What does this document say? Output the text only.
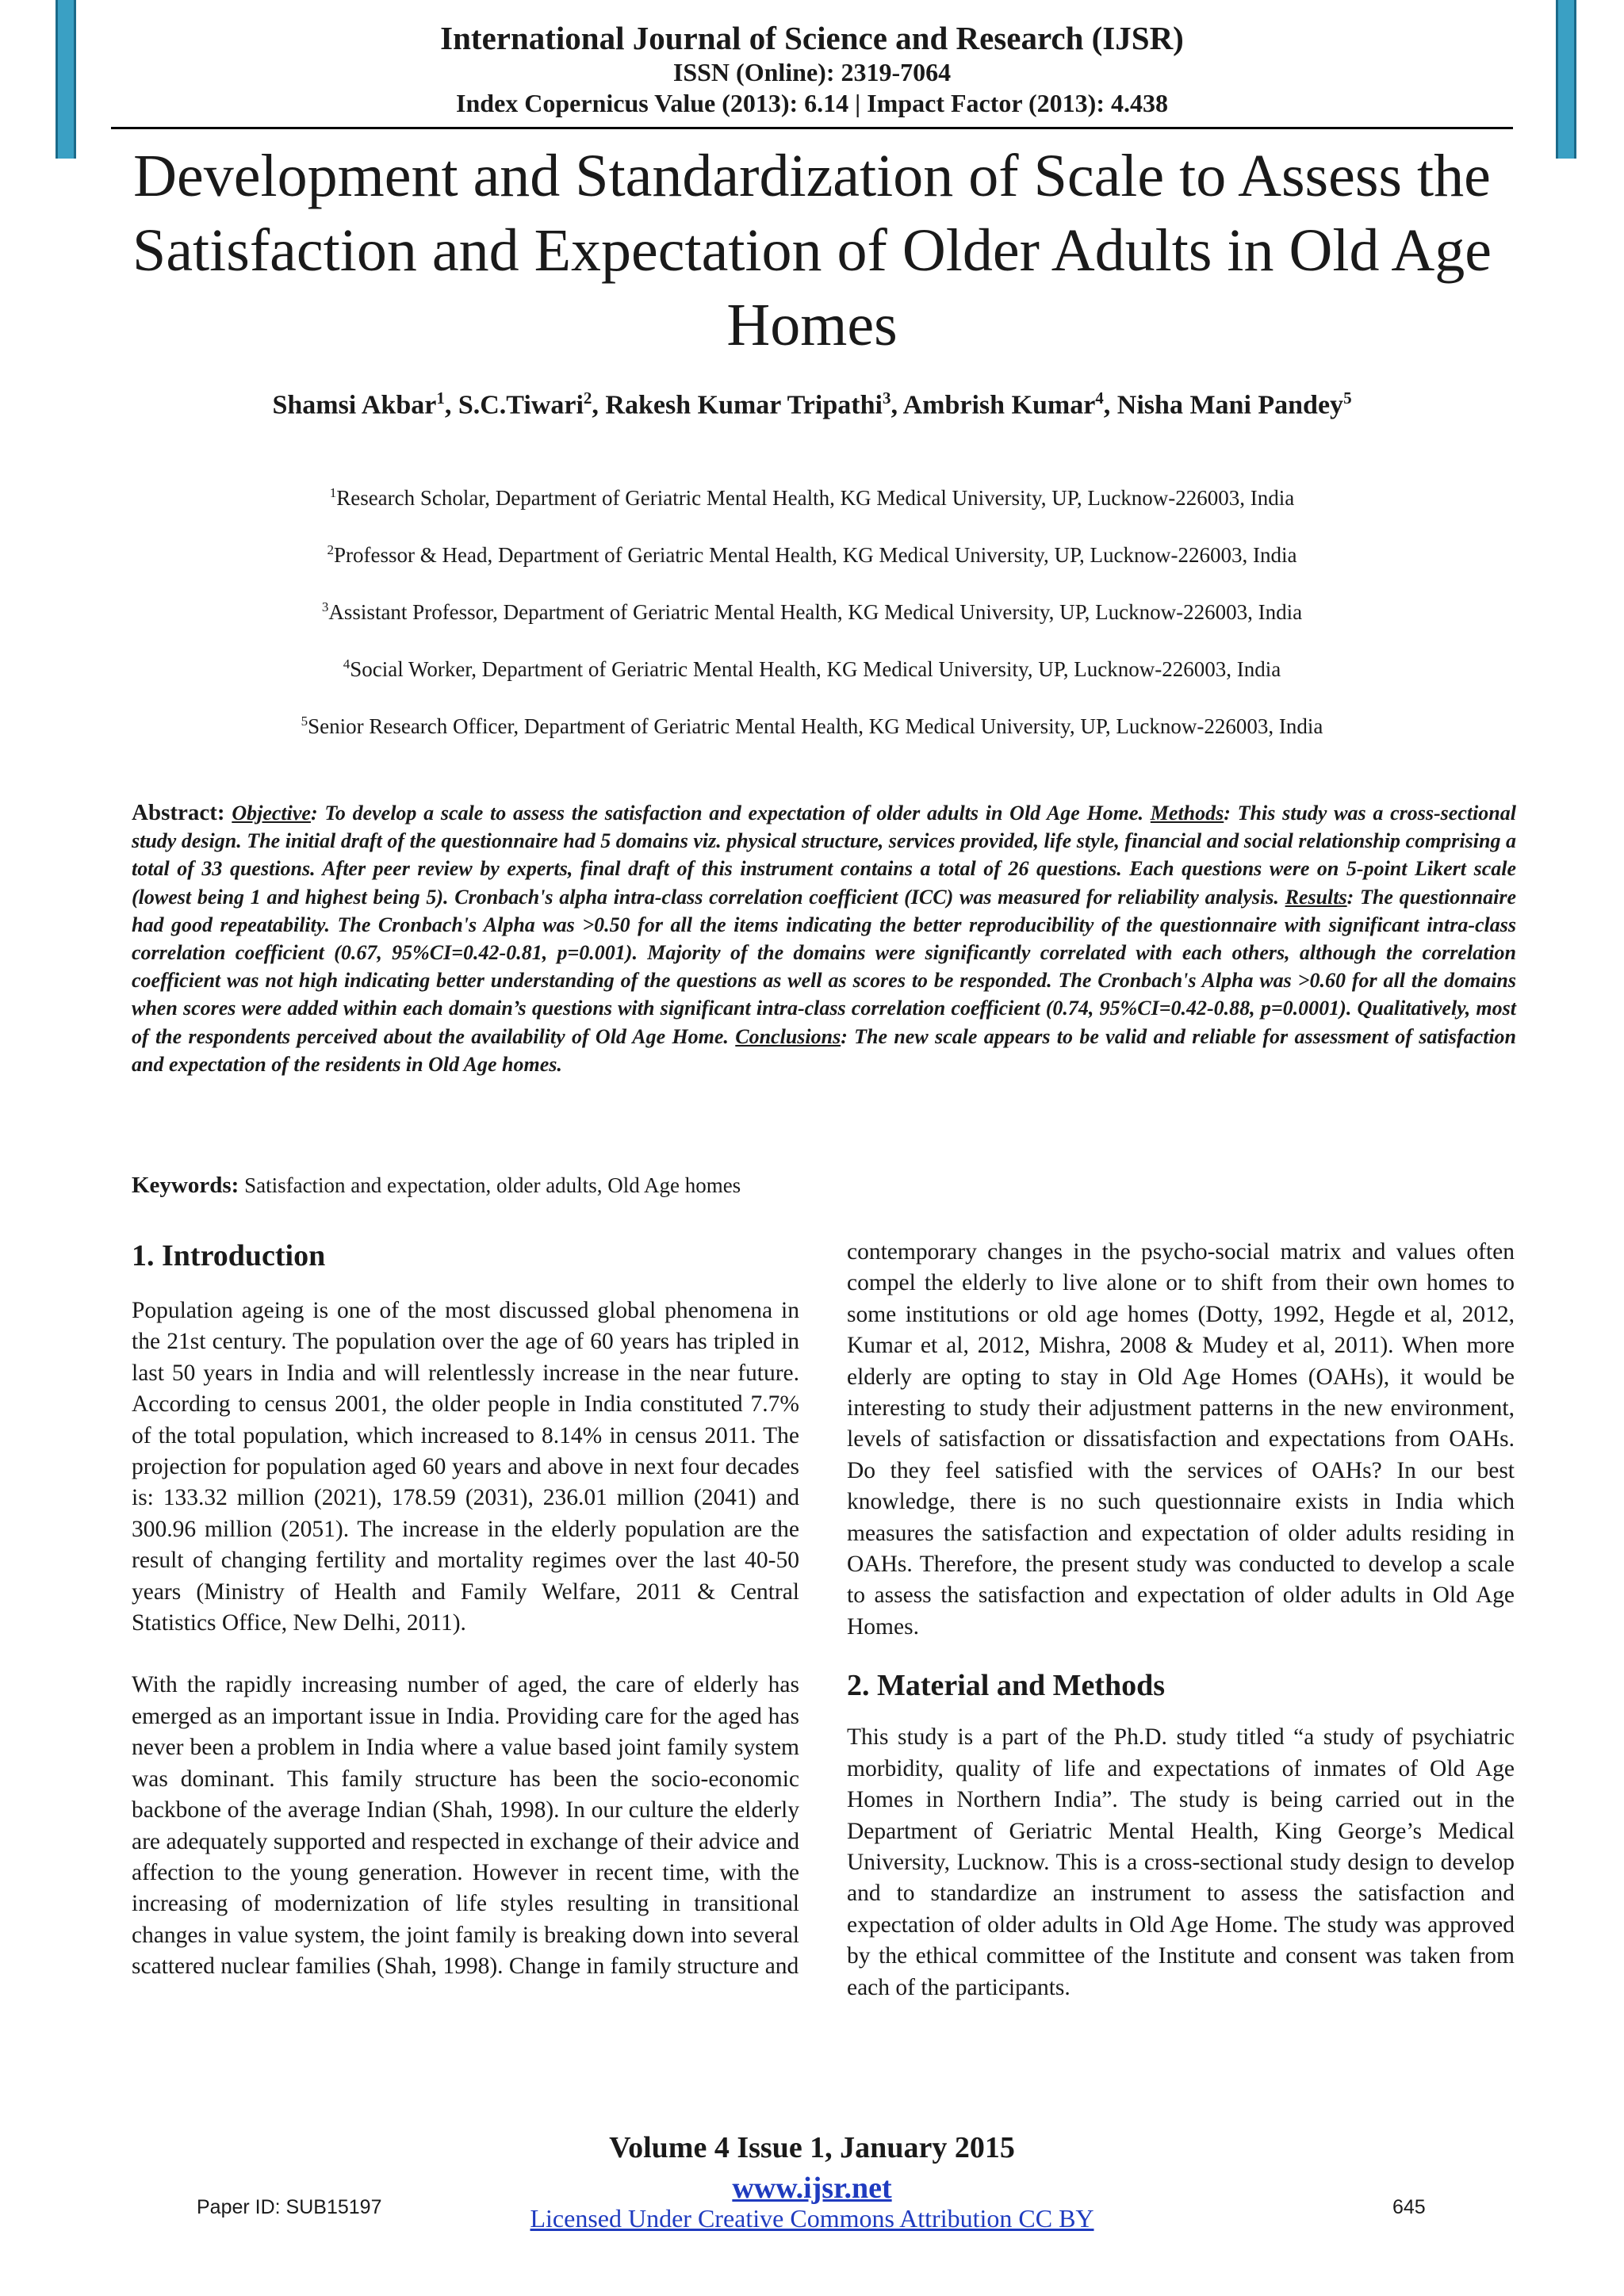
International Journal of Science and Research (IJSR)
ISSN (Online): 2319-7064
Index Copernicus Value (2013): 6.14 | Impact Factor (2013): 4.438
Development and Standardization of Scale to Assess the Satisfaction and Expectation of Older Adults in Old Age Homes
Shamsi Akbar$^1$, S.C.Tiwari$^2$, Rakesh Kumar Tripathi$^3$, Ambrish Kumar$^4$, Nisha Mani Pandey$^5$
$^1$Research Scholar, Department of Geriatric Mental Health, KG Medical University, UP, Lucknow-226003, India
$^2$Professor & Head, Department of Geriatric Mental Health, KG Medical University, UP, Lucknow-226003, India
$^3$Assistant Professor, Department of Geriatric Mental Health, KG Medical University, UP, Lucknow-226003, India
$^4$Social Worker, Department of Geriatric Mental Health, KG Medical University, UP, Lucknow-226003, India
$^5$Senior Research Officer, Department of Geriatric Mental Health, KG Medical University, UP, Lucknow-226003, India
Abstract: Objective: To develop a scale to assess the satisfaction and expectation of older adults in Old Age Home. Methods: This study was a cross-sectional study design. The initial draft of the questionnaire had 5 domains viz. physical structure, services provided, life style, financial and social relationship comprising a total of 33 questions. After peer review by experts, final draft of this instrument contains a total of 26 questions. Each questions were on 5-point Likert scale (lowest being 1 and highest being 5). Cronbach's alpha intra-class correlation coefficient (ICC) was measured for reliability analysis. Results: The questionnaire had good repeatability. The Cronbach's Alpha was >0.50 for all the items indicating the better reproducibility of the questionnaire with significant intra-class correlation coefficient (0.67, 95%CI=0.42-0.81, p=0.001). Majority of the domains were significantly correlated with each others, although the correlation coefficient was not high indicating better understanding of the questions as well as scores to be responded. The Cronbach's Alpha was >0.60 for all the domains when scores were added within each domain’s questions with significant intra-class correlation coefficient (0.74, 95%CI=0.42-0.88, p=0.0001). Qualitatively, most of the respondents perceived about the availability of Old Age Home. Conclusions: The new scale appears to be valid and reliable for assessment of satisfaction and expectation of the residents in Old Age homes.
Keywords: Satisfaction and expectation, older adults, Old Age homes

1. Introduction

Population ageing is one of the most discussed global phenomena in the 21st century. The population over the age of 60 years has tripled in last 50 years in India and will relentlessly increase in the near future. According to census 2001, the older people in India constituted 7.7% of the total population, which increased to 8.14% in census 2011. The projection for population aged 60 years and above in next four decades is: 133.32 million (2021), 178.59 (2031), 236.01 million (2041) and 300.96 million (2051). The increase in the elderly population are the result of changing fertility and mortality regimes over the last 40-50 years (Ministry of Health and Family Welfare, 2011 & Central Statistics Office, New Delhi, 2011).

With the rapidly increasing number of aged, the care of elderly has emerged as an important issue in India. Providing care for the aged has never been a problem in India where a value based joint family system was dominant. This family structure has been the socio-economic backbone of the average Indian (Shah, 1998). In our culture the elderly are adequately supported and respected in exchange of their advice and affection to the young generation. However in recent time, with the increasing of modernization of life styles resulting in transitional changes in value system, the joint family is breaking down into several scattered nuclear families (Shah, 1998). Change in family structure and

contemporary changes in the psycho-social matrix and values often compel the elderly to live alone or to shift from their own homes to some institutions or old age homes (Dotty, 1992, Hegde et al, 2012, Kumar et al, 2012, Mishra, 2008 & Mudey et al, 2011). When more elderly are opting to stay in Old Age Homes (OAHs), it would be interesting to study their adjustment patterns in the new environment, levels of satisfaction or dissatisfaction and expectations from OAHs. Do they feel satisfied with the services of OAHs? In our best knowledge, there is no such questionnaire exists in India which measures the satisfaction and expectation of older adults residing in OAHs. Therefore, the present study was conducted to develop a scale to assess the satisfaction and expectation of older adults in Old Age Homes.

2. Material and Methods

This study is a part of the Ph.D. study titled “a study of psychiatric morbidity, quality of life and expectations of inmates of Old Age Homes in Northern India”. The study is being carried out in the Department of Geriatric Mental Health, King George’s Medical University, Lucknow. This is a cross-sectional study design to develop and to standardize an instrument to assess the satisfaction and expectation of older adults in Old Age Home. The study was approved by the ethical committee of the Institute and consent was taken from each of the participants.

Volume 4 Issue 1, January 2015
www.ijsr.net
Licensed Under Creative Commons Attribution CC BY
Paper ID: SUB15197	645
